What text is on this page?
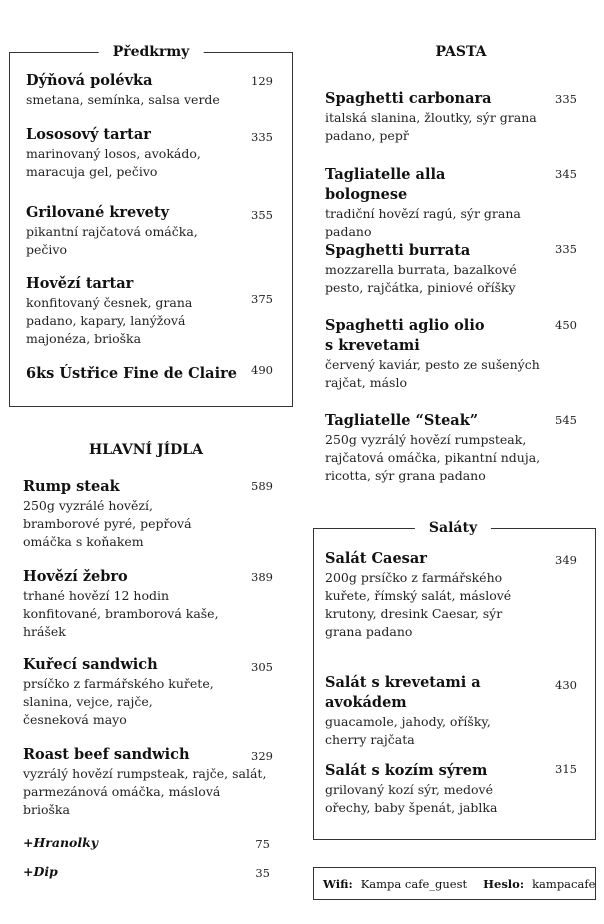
Předkrmy
Dýňová polévka
smetana, semínka, salsa verde
129
Lososový tartar
marinovaný losos, avokádo, maracuja gel, pečivo
335
Grilované krevety
pikantní rajčatová omáčka, pečivo
355
Hovězí tartar
konfitovaný česnek, grana padano, kapary, lanýžová majonéza, brioška
375
6ks Ústřice Fine de Claire	490
HLAVNÍ JÍDLA
Rump steak
250g vyzrálé hovězí, bramborové pyré, pepřová omáčka s koňakem
589
Hovězí žebro
trhané hovězí 12 hodin konfitované, bramborová kaše, hrášek
389
Kuřecí sandwich
prsíčko z farmářského kuřete, slanina, vejce, rajče, česneková mayo
305
Roast beef sandwich
vyzrálý hovězí rumpsteak, rajče, salát, parmezánová omáčka, máslová brioška
329
+Hranolky	75
+Dip	35
PASTA
Spaghetti carbonara
italská slanina, žloutky, sýr grana padano, pepř
335
Tagliatelle alla bolognese
tradiční hovězí ragú, sýr grana padano
345
Spaghetti burrata
mozzarella burrata, bazalkové pesto, rajčátka, piniové oříšky
335
Spaghetti aglio olio s krevetami
červený kaviár, pesto ze sušených rajčat, máslo
450
Tagliatelle “Steak”
250g vyzrálý hovězí rumpsteak, rajčatová omáčka, pikantní nduja, ricotta, sýr grana padano
545
Saláty
Salát Caesar
200g prsíčko z farmářského kuřete, římský salát, máslové krutony, dresink Caesar, sýr grana padano
349
Salát s krevetami a avokádem
guacamole, jahody, oříšky, cherry rajčata
430
Salát s kozím sýrem
grilovaný kozí sýr, medové ořechy, baby špenát, jablka
315
Wifi: Kampa cafe_guest Heslo: kampacafe
